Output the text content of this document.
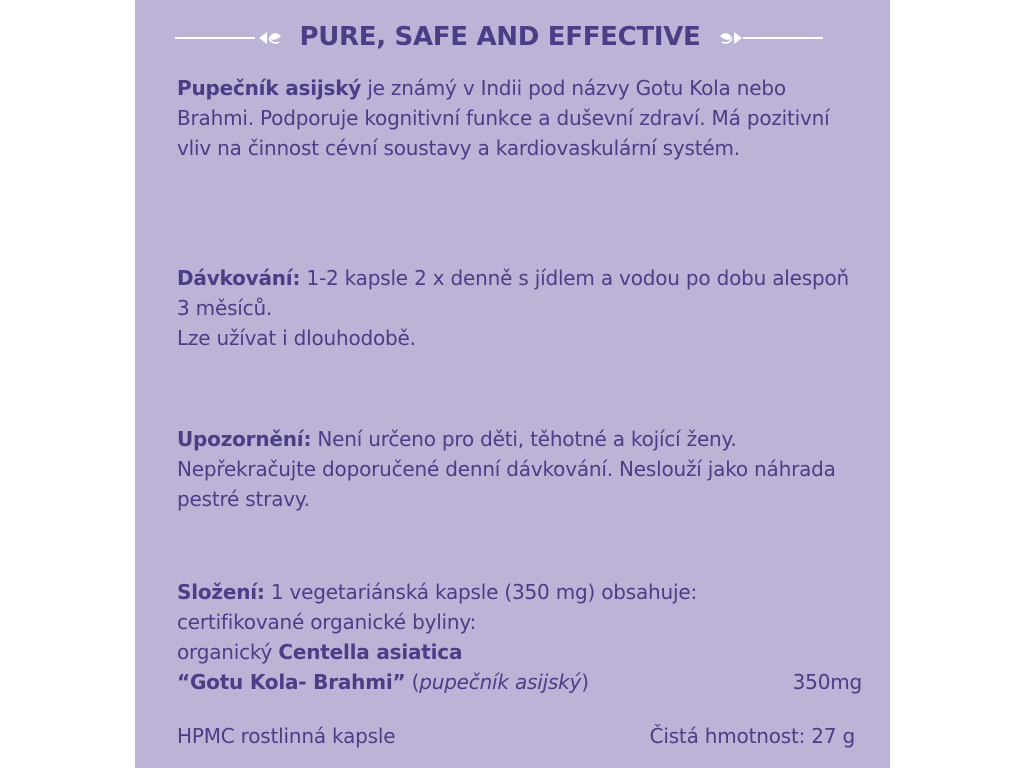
PURE, SAFE AND EFFECTIVE
Pupečník asijský je známý v Indii pod názvy Gotu Kola nebo Brahmi. Podporuje kognitivní funkce a duševní zdraví. Má pozitivní vliv na činnost cévní soustavy a kardiovaskulární systém.
Dávkování: 1-2 kapsle 2 x denně s jídlem a vodou po dobu alespoň 3 měsíců.
Lze užívat i dlouhodobě.
Upozornění: Není určeno pro děti, těhotné a kojící ženy. Nepřekračujte doporučené denní dávkování. Neslouží jako náhrada pestré stravy.
Složení: 1 vegetariánská kapsle (350 mg) obsahuje:
certifikované organické byliny:
organický Centella asiatica
“Gotu Kola- Brahmi” (pupečník asijský)	350mg
HPMC rostlinná kapsle	Čistá hmotnost: 27 g
